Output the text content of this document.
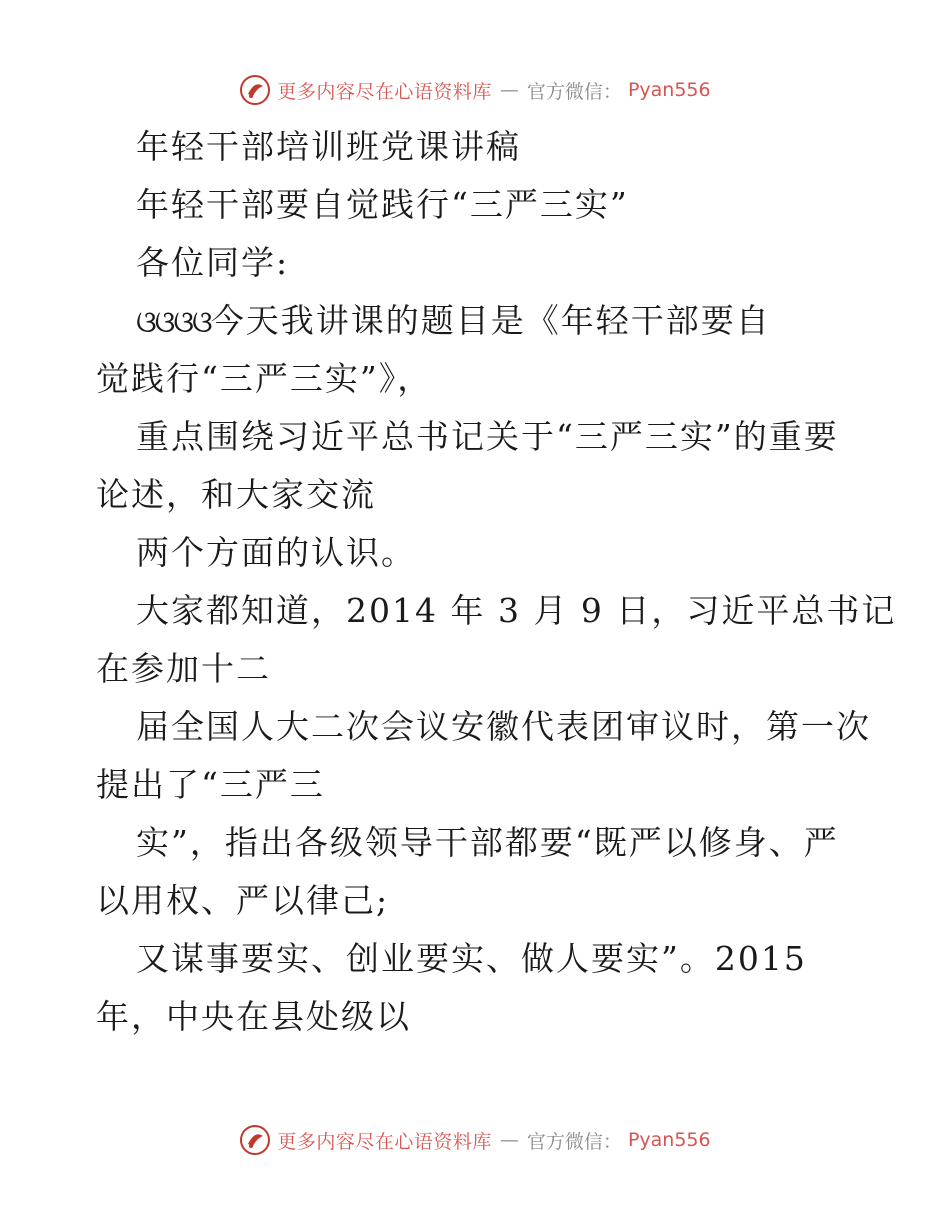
更多内容尽在心语资料库 — 官方微信： Pyan556
年轻干部培训班党课讲稿
年轻干部要自觉践行“三严三实”
各位同学:
ଓଓଓଓ今天我讲课的题目是《年轻干部要自
觉践行“三严三实”》，
重点围绕习近平总书记关于“三严三实”的重要
论述，和大家交流
两个方面的认识。
大家都知道，2014 年 3 月 9 日，习近平总书记
在参加十二
届全国人大二次会议安徽代表团审议时，第一次
提出了“三严三
实”，指出各级领导干部都要“既严以修身、严
以用权、严以律己;
又谋事要实、创业要实、做人要实”。2015
年，中央在县处级以
更多内容尽在心语资料库 — 官方微信： Pyan556
